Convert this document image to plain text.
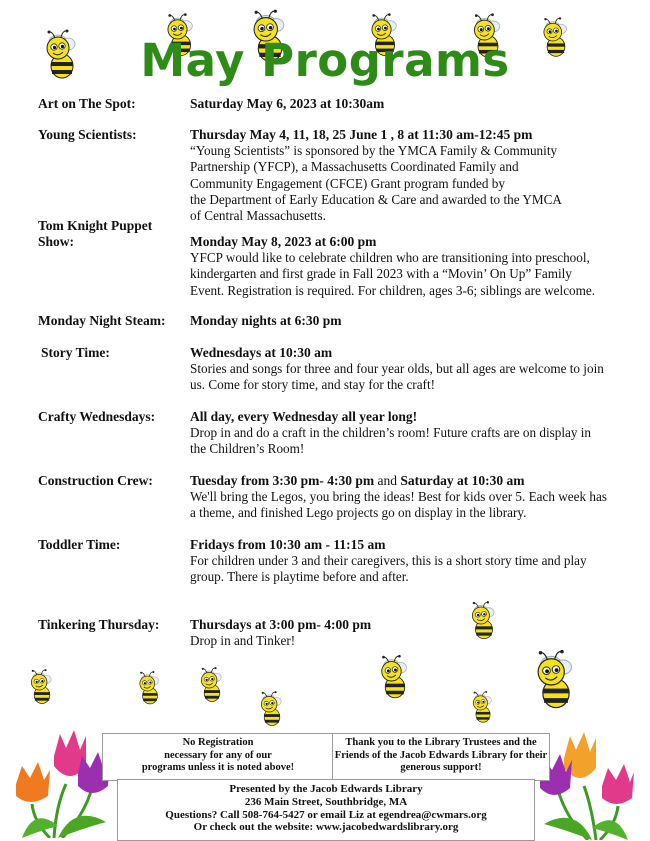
May Programs
Art on The Spot:	Saturday May 6, 2023 at 10:30am
Young Scientists:	Thursday May 4, 11, 18, 25 June 1 , 8 at 11:30 am-12:45 pm
“Young Scientists” is sponsored by the YMCA Family & Community
Partnership (YFCP), a Massachusetts Coordinated Family and
Community Engagement (CFCE) Grant program funded by
the Department of Early Education & Care and awarded to the YMCA
of Central Massachusetts.
Tom Knight Puppet
Show:	Monday May 8, 2023 at 6:00 pm
YFCP would like to celebrate children who are transitioning into preschool, kindergarten and first grade in Fall 2023 with a “Movin’ On Up” Family Event. Registration is required. For children, ages 3-6; siblings are welcome.
Monday Night Steam: Monday nights at 6:30 pm
Story Time:	Wednesdays at 10:30 am
Stories and songs for three and four year olds, but all ages are welcome to join us. Come for story time, and stay for the craft!
Crafty Wednesdays:	All day, every Wednesday all year long!
Drop in and do a craft in the children’s room! Future crafts are on display in the Children’s Room!
Construction Crew:	Tuesday from 3:30 pm- 4:30 pm and Saturday at 10:30 am
We'll bring the Legos, you bring the ideas! Best for kids over 5. Each week has a theme, and finished Lego projects go on display in the library.
Toddler Time:	Fridays from 10:30 am - 11:15 am
For children under 3 and their caregivers, this is a short story time and play group. There is playtime before and after.
Tinkering Thursday: Thursdays at 3:00 pm- 4:00 pm
Drop in and Tinker!
No Registration
necessary for any of our
programs unless it is noted above!
Thank you to the Library Trustees and the
Friends of the Jacob Edwards Library for their
generous support!
Presented by the Jacob Edwards Library
236 Main Street, Southbridge, MA
Questions? Call 508-764-5427 or email Liz at egendrea@cwmars.org
Or check out the website: www.jacobedwardslibrary.org
